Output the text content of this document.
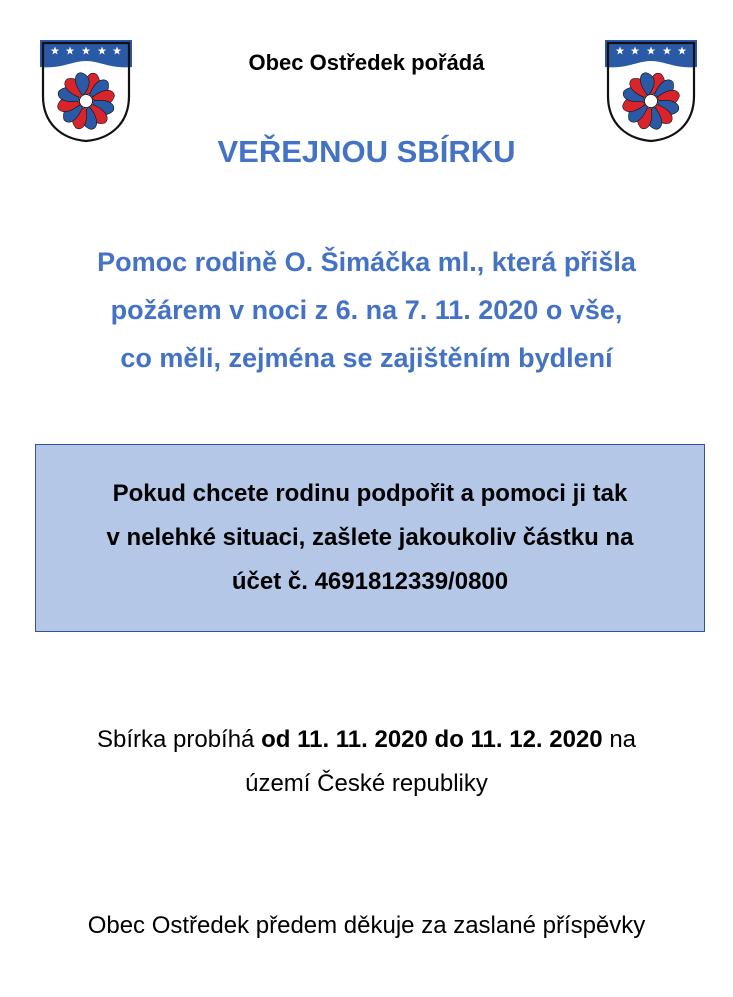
Obec Ostředek pořádá
VEŘEJNOU SBÍRKU
Pomoc rodině O. Šimáčka ml., která přišla
požárem v noci z 6. na 7. 11. 2020 o vše,
co měli, zejména se zajištěním bydlení
Pokud chcete rodinu podpořit a pomoci ji tak
v nelehké situaci, zašlete jakoukoliv částku na
účet č. 4691812339/0800
Sbírka probíhá od 11. 11. 2020 do 11. 12. 2020 na
území České republiky
Obec Ostředek předem děkuje za zaslané příspěvky
